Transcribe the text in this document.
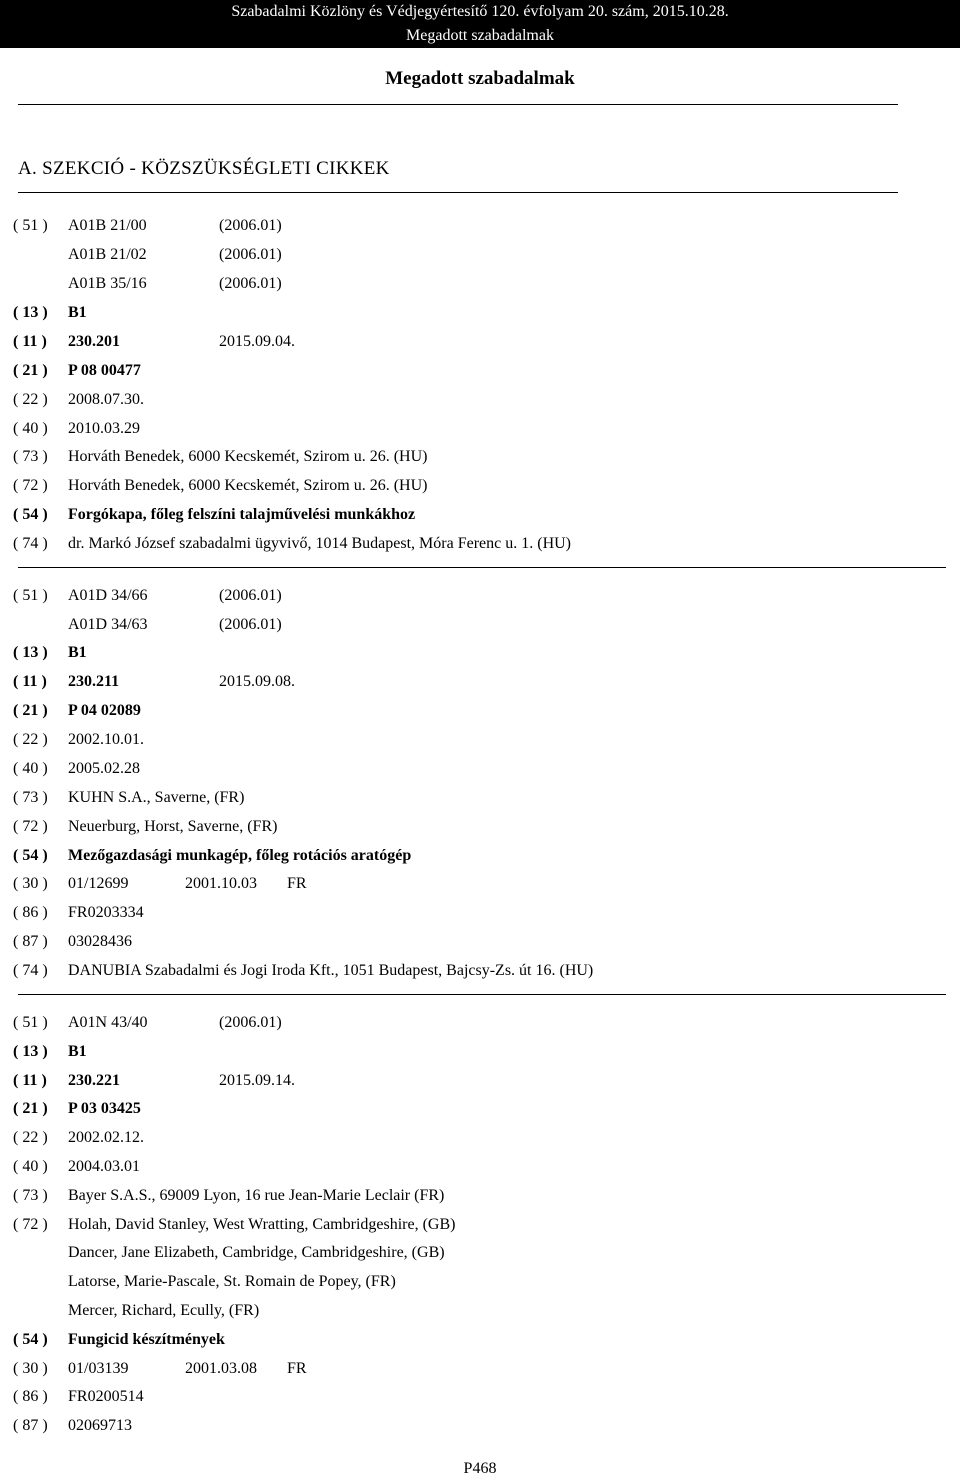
Szabadalmi Közlöny és Védjegyértesítő 120. évfolyam 20. szám, 2015.10.28.
Megadott szabadalmak
Megadott szabadalmak
A. SZEKCIÓ - KÖZSZÜKSÉGLETI CIKKEK
( 51 ) A01B 21/00	(2006.01)
A01B 21/02	(2006.01)
A01B 35/16	(2006.01)
( 13 ) B1
( 11 ) 230.201	2015.09.04.
( 21 ) P 08 00477
( 22 ) 2008.07.30.
( 40 ) 2010.03.29
( 73 ) Horváth Benedek, 6000 Kecskemét, Szirom u. 26. (HU)
( 72 ) Horváth Benedek, 6000 Kecskemét, Szirom u. 26. (HU)
( 54 ) Forgókapa, főleg felszíni talajművelési munkákhoz
( 74 ) dr. Markó József szabadalmi ügyvivő, 1014 Budapest, Móra Ferenc u. 1. (HU)
( 51 ) A01D 34/66	(2006.01)
A01D 34/63	(2006.01)
( 13 ) B1
( 11 ) 230.211	2015.09.08.
( 21 ) P 04 02089
( 22 ) 2002.10.01.
( 40 ) 2005.02.28
( 73 ) KUHN S.A., Saverne, (FR)
( 72 ) Neuerburg, Horst, Saverne, (FR)
( 54 ) Mezőgazdasági munkagép, főleg rotációs aratógép
( 30 ) 01/12699	2001.10.03 FR
( 86 ) FR0203334
( 87 ) 03028436
( 74 ) DANUBIA Szabadalmi és Jogi Iroda Kft., 1051 Budapest, Bajcsy-Zs. út 16. (HU)
( 51 ) A01N 43/40	(2006.01)
( 13 ) B1
( 11 ) 230.221	2015.09.14.
( 21 ) P 03 03425
( 22 ) 2002.02.12.
( 40 ) 2004.03.01
( 73 ) Bayer S.A.S., 69009 Lyon, 16 rue Jean-Marie Leclair (FR)
( 72 ) Holah, David Stanley, West Wratting, Cambridgeshire, (GB)
Dancer, Jane Elizabeth, Cambridge, Cambridgeshire, (GB)
Latorse, Marie-Pascale, St. Romain de Popey, (FR)
Mercer, Richard, Ecully, (FR)
( 54 ) Fungicid készítmények
( 30 ) 01/03139	2001.03.08 FR
( 86 ) FR0200514
( 87 ) 02069713
P468
